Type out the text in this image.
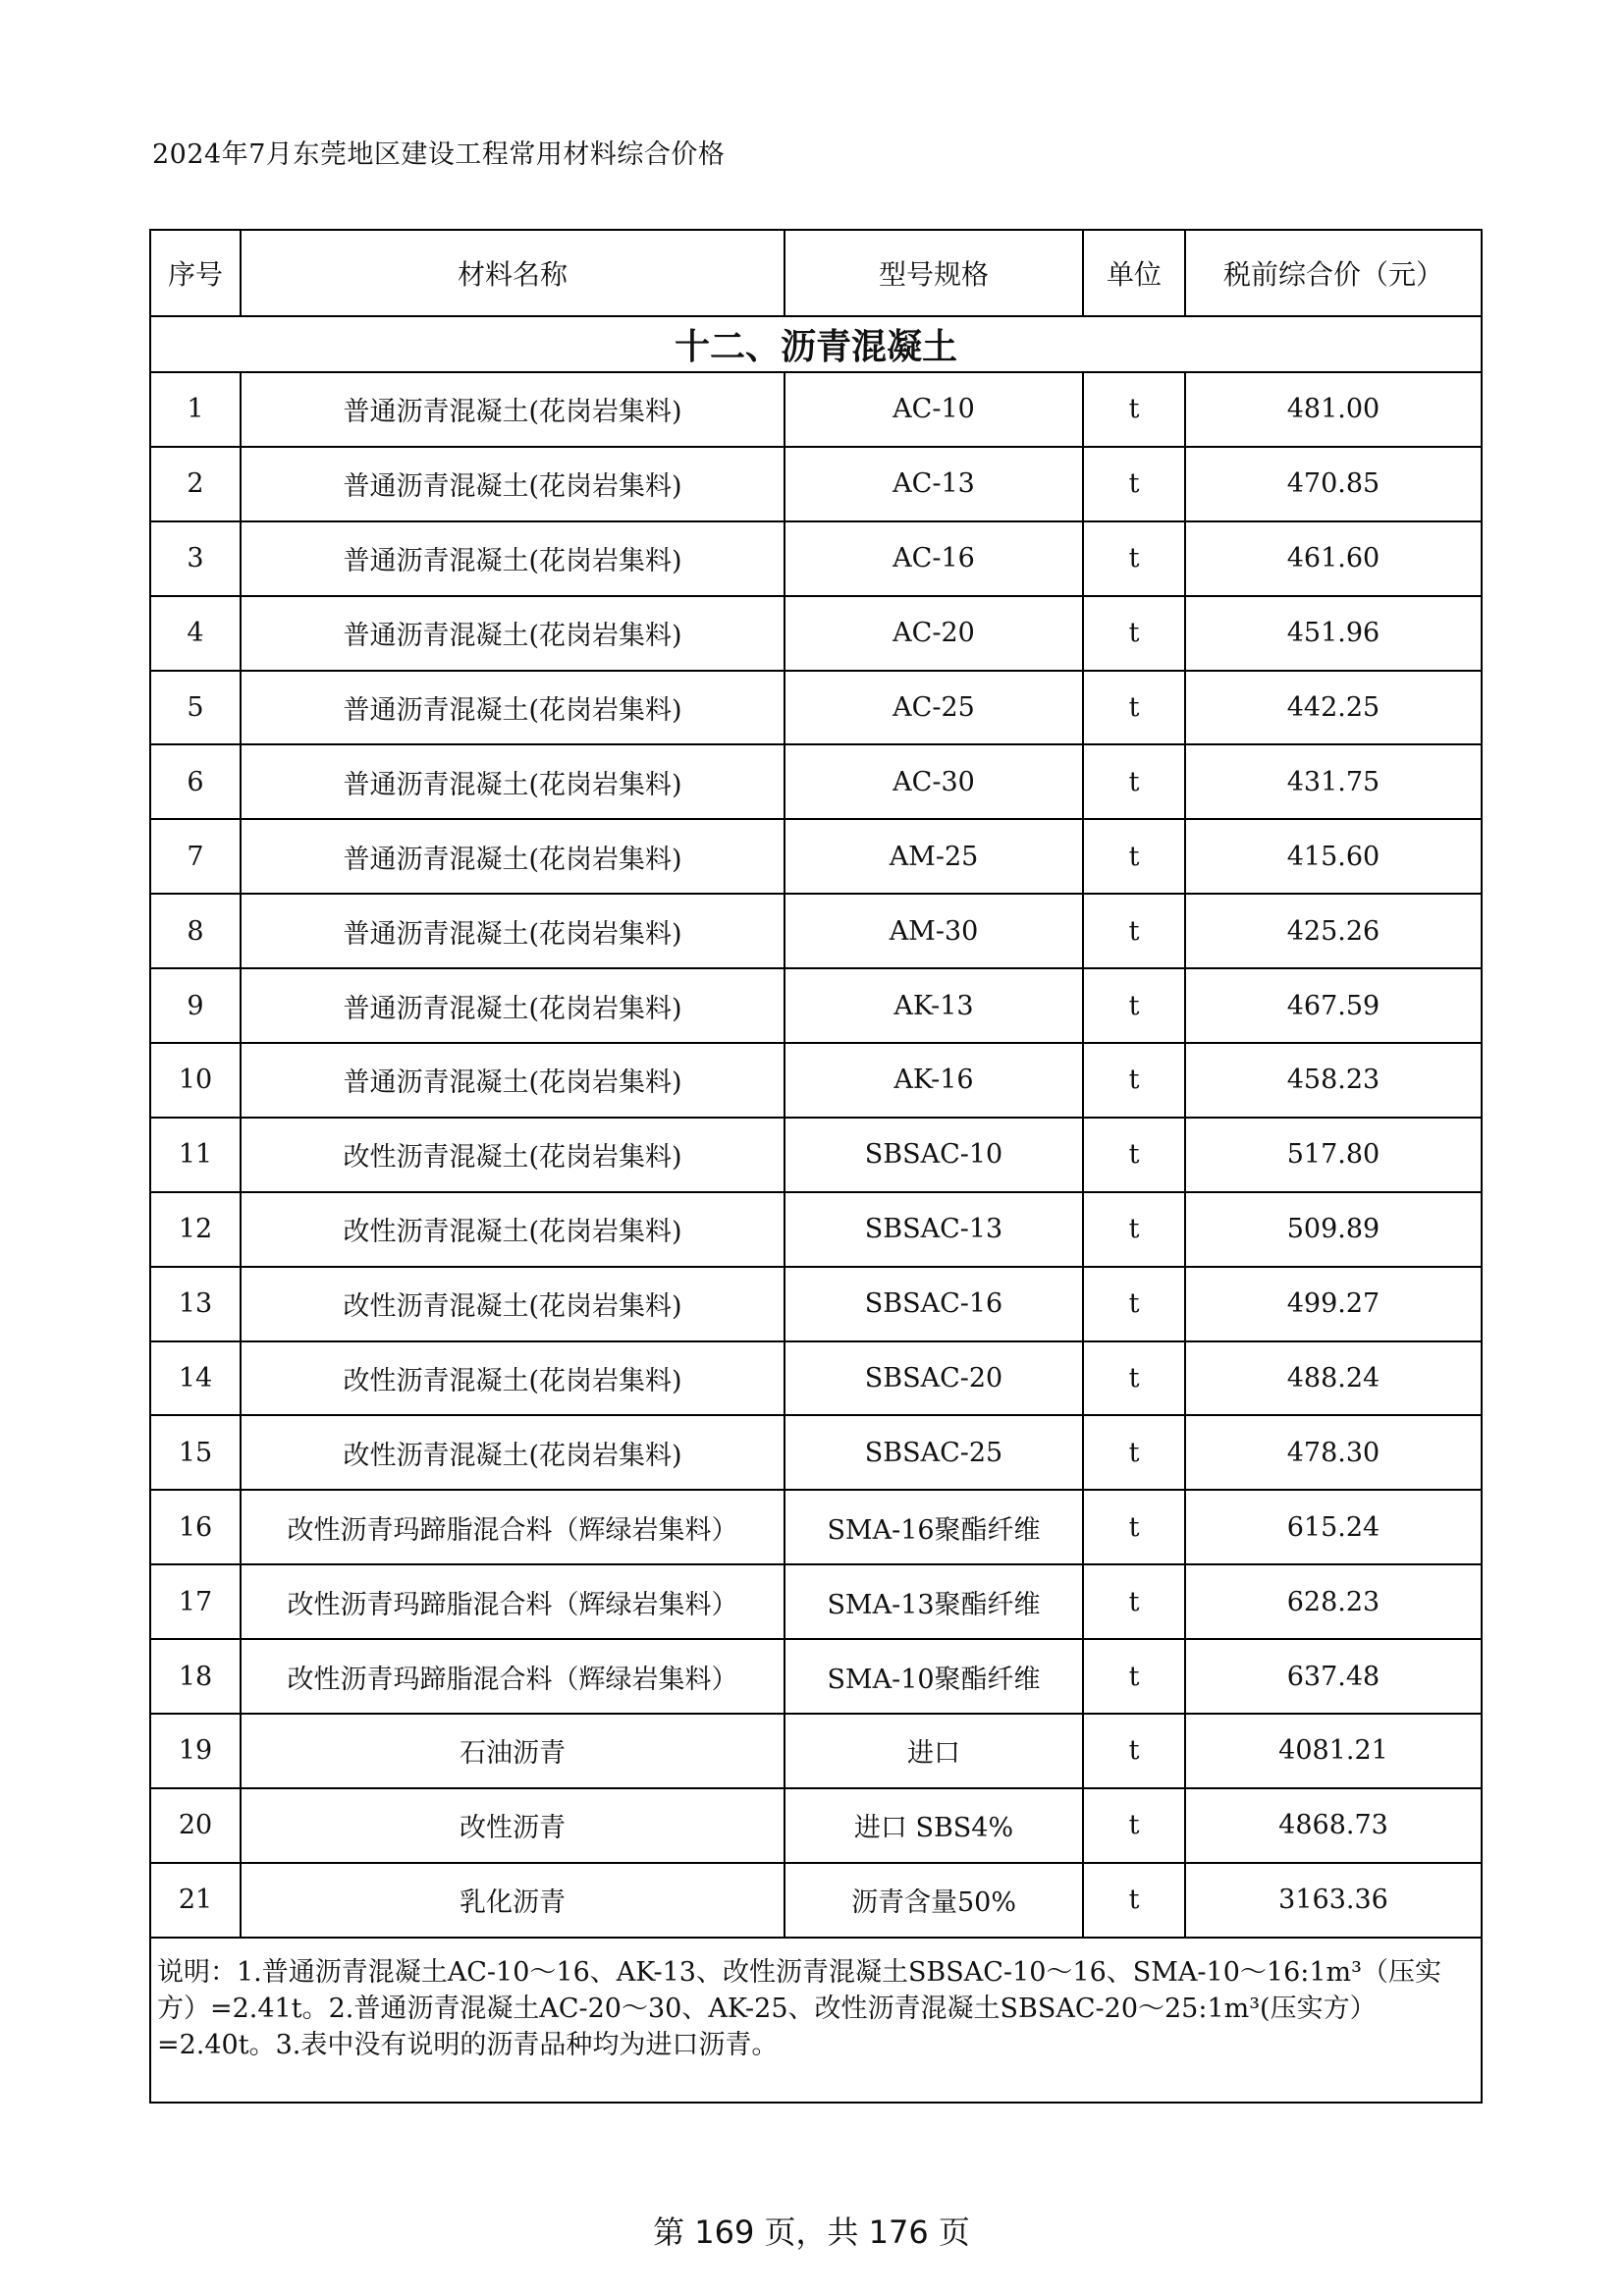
2024年7月东莞地区建设工程常用材料综合价格
序号	材料名称	型号规格	单位	税前综合价（元）
十二、沥青混凝土				
1	普通沥青混凝土(花岗岩集料)	AC-10	t	481.00
2	普通沥青混凝土(花岗岩集料)	AC-13	t	470.85
3	普通沥青混凝土(花岗岩集料)	AC-16	t	461.60
4	普通沥青混凝土(花岗岩集料)	AC-20	t	451.96
5	普通沥青混凝土(花岗岩集料)	AC-25	t	442.25
6	普通沥青混凝土(花岗岩集料)	AC-30	t	431.75
7	普通沥青混凝土(花岗岩集料)	AM-25	t	415.60
8	普通沥青混凝土(花岗岩集料)	AM-30	t	425.26
9	普通沥青混凝土(花岗岩集料)	AK-13	t	467.59
10	普通沥青混凝土(花岗岩集料)	AK-16	t	458.23
11	改性沥青混凝土(花岗岩集料)	SBSAC-10	t	517.80
12	改性沥青混凝土(花岗岩集料)	SBSAC-13	t	509.89
13	改性沥青混凝土(花岗岩集料)	SBSAC-16	t	499.27
14	改性沥青混凝土(花岗岩集料)	SBSAC-20	t	488.24
15	改性沥青混凝土(花岗岩集料)	SBSAC-25	t	478.30
16	改性沥青玛蹄脂混合料（辉绿岩集料）	SMA-16聚酯纤维	t	615.24
17	改性沥青玛蹄脂混合料（辉绿岩集料）	SMA-13聚酯纤维	t	628.23
18	改性沥青玛蹄脂混合料（辉绿岩集料）	SMA-10聚酯纤维	t	637.48
19	石油沥青	进口	t	4081.21
20	改性沥青	进口 SBS4%	t	4868.73
21	乳化沥青	沥青含量50%	t	3163.36
说明：1.普通沥青混凝土AC-10～16、AK-13、改性沥青混凝土SBSAC-10～16、SMA-10～16:1m³（压实方）=2.41t。2.普通沥青混凝土AC-20～30、AK-25、改性沥青混凝土SBSAC-20～25:1m³(压实方）=2.40t。3.表中没有说明的沥青品种均为进口沥青。				
第 169 页，共 176 页
